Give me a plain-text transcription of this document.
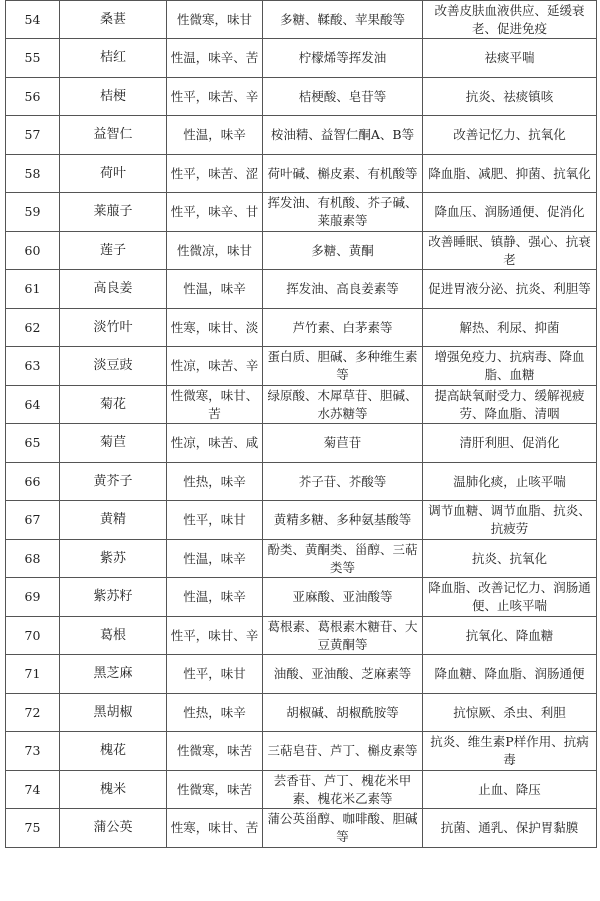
54	桑葚	性微寒，味甘	多糖、鞣酸、苹果酸等	改善皮肤血液供应、延缓衰老、促进免疫
55	桔红	性温，味辛、苦	柠檬烯等挥发油	祛痰平喘
56	桔梗	性平，味苦、辛	桔梗酸、皂苷等	抗炎、祛痰镇咳
57	益智仁	性温，味辛	桉油精、益智仁酮A、B等	改善记忆力、抗氧化
58	荷叶	性平，味苦、涩	荷叶碱、槲皮素、有机酸等	降血脂、减肥、抑菌、抗氧化
59	莱菔子	性平，味辛、甘	挥发油、有机酸、芥子碱、莱菔素等	降血压、润肠通便、促消化
60	莲子	性微凉，味甘	多糖、黄酮	改善睡眠、镇静、强心、抗衰老
61	高良姜	性温，味辛	挥发油、高良姜素等	促进胃液分泌、抗炎、利胆等
62	淡竹叶	性寒，味甘、淡	芦竹素、白茅素等	解热、利尿、抑菌
63	淡豆豉	性凉，味苦、辛	蛋白质、胆碱、多种维生素等	增强免疫力、抗病毒、降血脂、血糖
64	菊花	性微寒，味甘、苦	绿原酸、木犀草苷、胆碱、水苏糖等	提高缺氧耐受力、缓解视疲劳、降血脂、清咽
65	菊苣	性凉，味苦、咸	菊苣苷	清肝利胆、促消化
66	黄芥子	性热，味辛	芥子苷、芥酸等	温肺化痰，止咳平喘
67	黄精	性平，味甘	黄精多糖、多种氨基酸等	调节血糖、调节血脂、抗炎、抗疲劳
68	紫苏	性温，味辛	酚类、黄酮类、甾醇、三萜类等	抗炎、抗氧化
69	紫苏籽	性温，味辛	亚麻酸、亚油酸等	降血脂、改善记忆力、润肠通便、止咳平喘
70	葛根	性平，味甘、辛	葛根素、葛根素木糖苷、大豆黄酮等	抗氧化、降血糖
71	黑芝麻	性平，味甘	油酸、亚油酸、芝麻素等	降血糖、降血脂、润肠通便
72	黑胡椒	性热，味辛	胡椒碱、胡椒酰胺等	抗惊厥、杀虫、利胆
73	槐花	性微寒，味苦	三萜皂苷、芦丁、槲皮素等	抗炎、维生素P样作用、抗病毒
74	槐米	性微寒，味苦	芸香苷、芦丁、槐花米甲素、槐花米乙素等	止血、降压
75	蒲公英	性寒，味甘、苦	蒲公英甾醇、咖啡酸、胆碱等	抗菌、通乳、保护胃黏膜
